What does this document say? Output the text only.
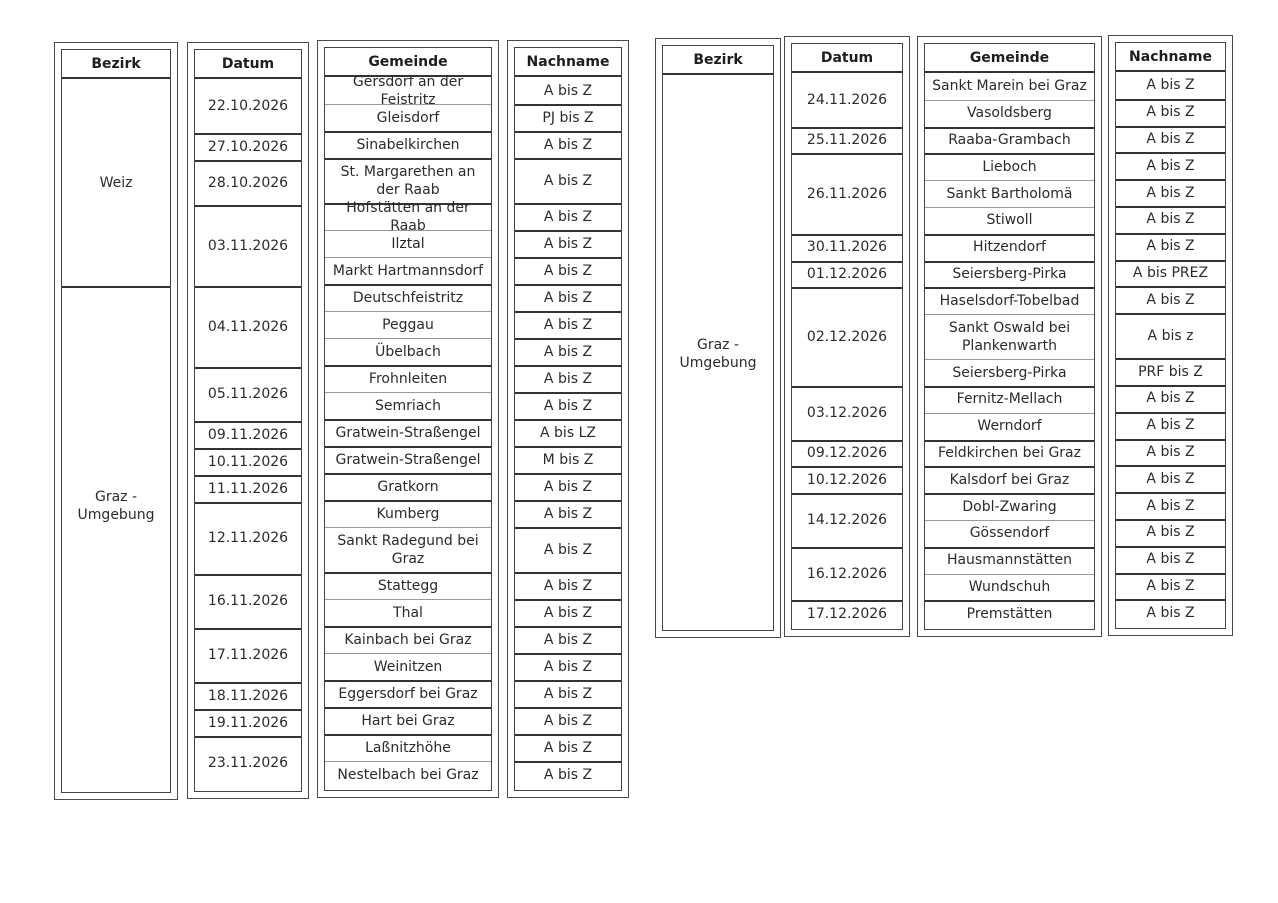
Bezirk
Weiz
Graz - Umgebung
Datum
22.10.2026
27.10.2026
28.10.2026
03.11.2026
04.11.2026
05.11.2026
09.11.2026
10.11.2026
11.11.2026
12.11.2026
16.11.2026
17.11.2026
18.11.2026
19.11.2026
23.11.2026
Gemeinde
Gersdorf an der Feistritz
Gleisdorf
Sinabelkirchen
St. Margarethen an der Raab
Hofstätten an der Raab
Ilztal
Markt Hartmannsdorf
Deutschfeistritz
Peggau
Übelbach
Frohnleiten
Semriach
Gratwein-Straßengel
Gratwein-Straßengel
Gratkorn
Kumberg
Sankt Radegund bei Graz
Stattegg
Thal
Kainbach bei Graz
Weinitzen
Eggersdorf bei Graz
Hart bei Graz
Laßnitzhöhe
Nestelbach bei Graz
Nachname
A bis Z
PJ bis Z
A bis Z
A bis Z
A bis Z
A bis Z
A bis Z
A bis Z
A bis Z
A bis Z
A bis Z
A bis Z
A bis LZ
M bis Z
A bis Z
A bis Z
A bis Z
A bis Z
A bis Z
A bis Z
A bis Z
A bis Z
A bis Z
A bis Z
A bis Z
Bezirk
Graz - Umgebung
Datum
24.11.2026
25.11.2026
26.11.2026
30.11.2026
01.12.2026
02.12.2026
03.12.2026
09.12.2026
10.12.2026
14.12.2026
16.12.2026
17.12.2026
Gemeinde
Sankt Marein bei Graz
Vasoldsberg
Raaba-Grambach
Lieboch
Sankt Bartholomä
Stiwoll
Hitzendorf
Seiersberg-Pirka
Haselsdorf-Tobelbad
Sankt Oswald bei Plankenwarth
Seiersberg-Pirka
Fernitz-Mellach
Werndorf
Feldkirchen bei Graz
Kalsdorf bei Graz
Dobl-Zwaring
Gössendorf
Hausmannstätten
Wundschuh
Premstätten
Nachname
A bis Z
A bis Z
A bis Z
A bis Z
A bis Z
A bis Z
A bis Z
A bis PREZ
A bis Z
A bis z
PRF bis Z
A bis Z
A bis Z
A bis Z
A bis Z
A bis Z
A bis Z
A bis Z
A bis Z
A bis Z
